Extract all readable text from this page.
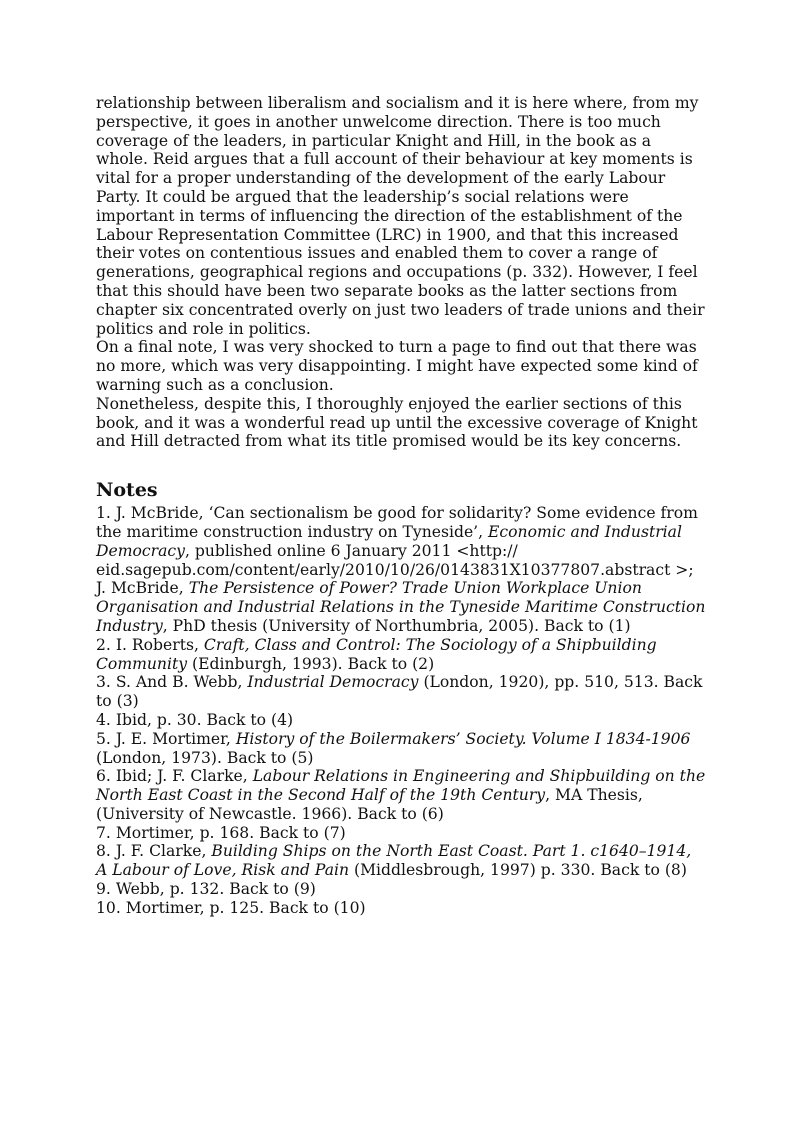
relationship between liberalism and socialism and it is here where, from my perspective, it goes in another unwelcome direction. There is too much coverage of the leaders, in particular Knight and Hill, in the book as a whole. Reid argues that a full account of their behaviour at key moments is vital for a proper understanding of the development of the early Labour Party. It could be argued that the leadership’s social relations were important in terms of influencing the direction of the establishment of the Labour Representation Committee (LRC) in 1900, and that this increased their votes on contentious issues and enabled them to cover a range of generations, geographical regions and occupations (p. 332). However, I feel that this should have been two separate books as the latter sections from chapter six concentrated overly on just two leaders of trade unions and their politics and role in politics.

On a final note, I was very shocked to turn a page to find out that there was no more, which was very disappointing. I might have expected some kind of warning such as a conclusion.

Nonetheless, despite this, I thoroughly enjoyed the earlier sections of this book, and it was a wonderful read up until the excessive coverage of Knight and Hill detracted from what its title promised would be its key concerns.

Notes

1. J. McBride, ‘Can sectionalism be good for solidarity? Some evidence from the maritime construction industry on Tyneside’, Economic and Industrial Democracy, published online 6 January 2011 <http:// eid.sagepub.com/content/early/2010/10/26/0143831X10377807.abstract >; J. McBride, The Persistence of Power? Trade Union Workplace Union Organisation and Industrial Relations in the Tyneside Maritime Construction Industry, PhD thesis (University of Northumbria, 2005). Back to (1)

2. I. Roberts, Craft, Class and Control: The Sociology of a Shipbuilding Community (Edinburgh, 1993). Back to (2)

3. S. And B. Webb, Industrial Democracy (London, 1920), pp. 510, 513. Back to (3)

4. Ibid, p. 30. Back to (4)

5. J. E. Mortimer, History of the Boilermakers’ Society. Volume I 1834-1906 (London, 1973). Back to (5)

6. Ibid; J. F. Clarke, Labour Relations in Engineering and Shipbuilding on the North East Coast in the Second Half of the 19th Century, MA Thesis, (University of Newcastle. 1966). Back to (6)

7. Mortimer, p. 168. Back to (7)

8. J. F. Clarke, Building Ships on the North East Coast. Part 1. c1640–1914, A Labour of Love, Risk and Pain (Middlesbrough, 1997) p. 330. Back to (8)

9. Webb, p. 132. Back to (9)

10. Mortimer, p. 125. Back to (10)
